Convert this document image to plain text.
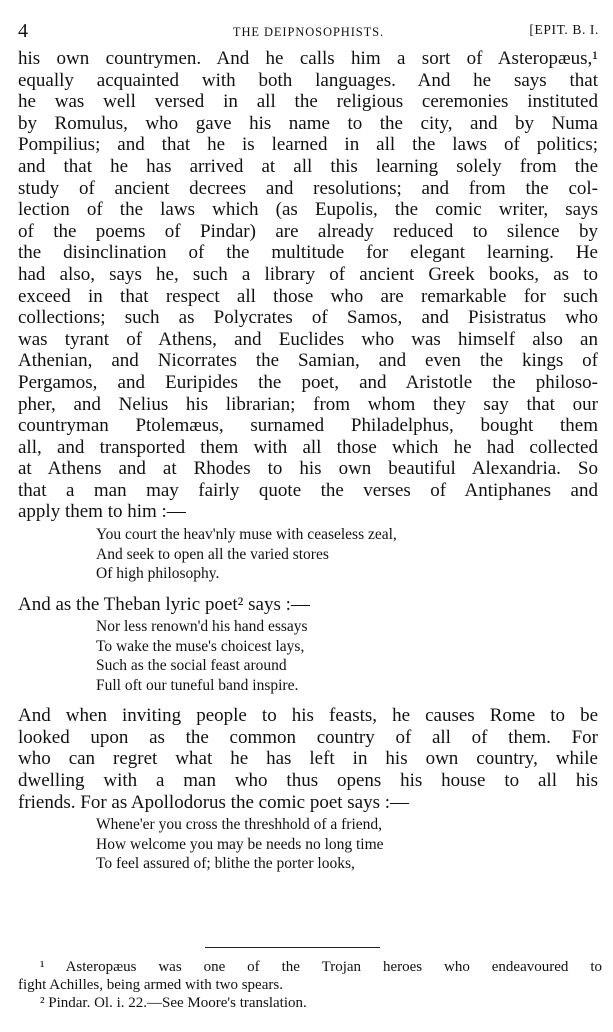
4	THE DEIPNOSOPHISTS.	[EPIT. B. I.
his own countrymen. And he calls him a sort of Asteropæus,¹
equally acquainted with both languages. And he says that
he was well versed in all the religious ceremonies instituted
by Romulus, who gave his name to the city, and by Numa
Pompilius; and that he is learned in all the laws of politics;
and that he has arrived at all this learning solely from the
study of ancient decrees and resolutions; and from the col-
lection of the laws which (as Eupolis, the comic writer, says
of the poems of Pindar) are already reduced to silence by
the disinclination of the multitude for elegant learning. He
had also, says he, such a library of ancient Greek books, as to
exceed in that respect all those who are remarkable for such
collections; such as Polycrates of Samos, and Pisistratus who
was tyrant of Athens, and Euclides who was himself also an
Athenian, and Nicorrates the Samian, and even the kings of
Pergamos, and Euripides the poet, and Aristotle the philoso-
pher, and Nelius his librarian; from whom they say that our
countryman Ptolemæus, surnamed Philadelphus, bought them
all, and transported them with all those which he had collected
at Athens and at Rhodes to his own beautiful Alexandria. So
that a man may fairly quote the verses of Antiphanes and
apply them to him :—
You court the heav'nly muse with ceaseless zeal,
And seek to open all the varied stores
Of high philosophy.
And as the Theban lyric poet² says :—
Nor less renown'd his hand essays
To wake the muse's choicest lays,
Such as the social feast around
Full oft our tuneful band inspire.
And when inviting people to his feasts, he causes Rome to be
looked upon as the common country of all of them. For
who can regret what he has left in his own country, while
dwelling with a man who thus opens his house to all his
friends. For as Apollodorus the comic poet says :—
Whene'er you cross the threshhold of a friend,
How welcome you may be needs no long time
To feel assured of; blithe the porter looks,
¹ Asteropæus was one of the Trojan heroes who endeavoured to
fight Achilles, being armed with two spears.
² Pindar. Ol. i. 22.—See Moore's translation.
